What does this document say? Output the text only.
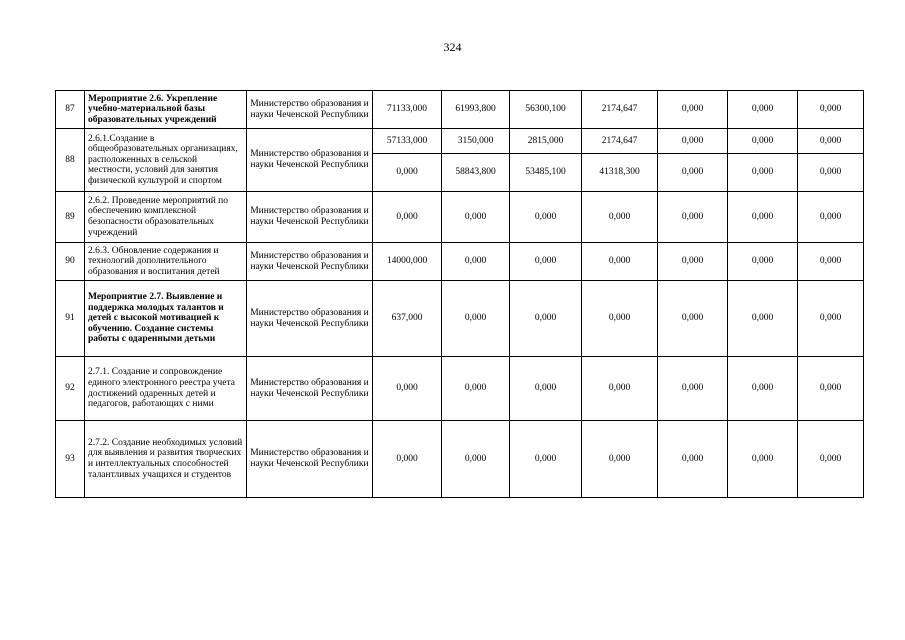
324
87	Мероприятие 2.6. Укрепление учебно-материальной базы образовательных учреждений	Министерство образования и науки Чеченской Республики	71133,000	61993,800	56300,100	2174,647	0,000	0,000	0,000
88	2.6.1.Создание в общеобразовательных организациях, расположенных в сельской местности, условий для занятия физической культурой и спортом	Министерство образования и науки Чеченской Республики	57133,000	3150,000	2815,000	2174,647	0,000	0,000	0,000
			0,000	58843,800	53485,100	41318,300	0,000	0,000	0,000
89	2.6.2. Проведение мероприятий по обеспечению комплексной безопасности образовательных учреждений	Министерство образования и науки Чеченской Республики	0,000	0,000	0,000	0,000	0,000	0,000	0,000
90	2.6.3. Обновление содержания и технологий дополнительного образования и воспитания детей	Министерство образования и науки Чеченской Республики	14000,000	0,000	0,000	0,000	0,000	0,000	0,000
91	Мероприятие 2.7. Выявление и поддержка молодых талантов и детей с высокой мотивацией к обучению. Создание системы работы с одаренными детьми	Министерство образования и науки Чеченской Республики	637,000	0,000	0,000	0,000	0,000	0,000	0,000
92	2.7.1. Создание и сопровождение единого электронного реестра учета достижений одаренных детей и педагогов, работающих с ними	Министерство образования и науки Чеченской Республики	0,000	0,000	0,000	0,000	0,000	0,000	0,000
93	2.7.2. Создание необходимых условий для выявления и развития творческих и интеллектуальных способностей талантливых учащихся и студентов	Министерство образования и науки Чеченской Республики	0,000	0,000	0,000	0,000	0,000	0,000	0,000
